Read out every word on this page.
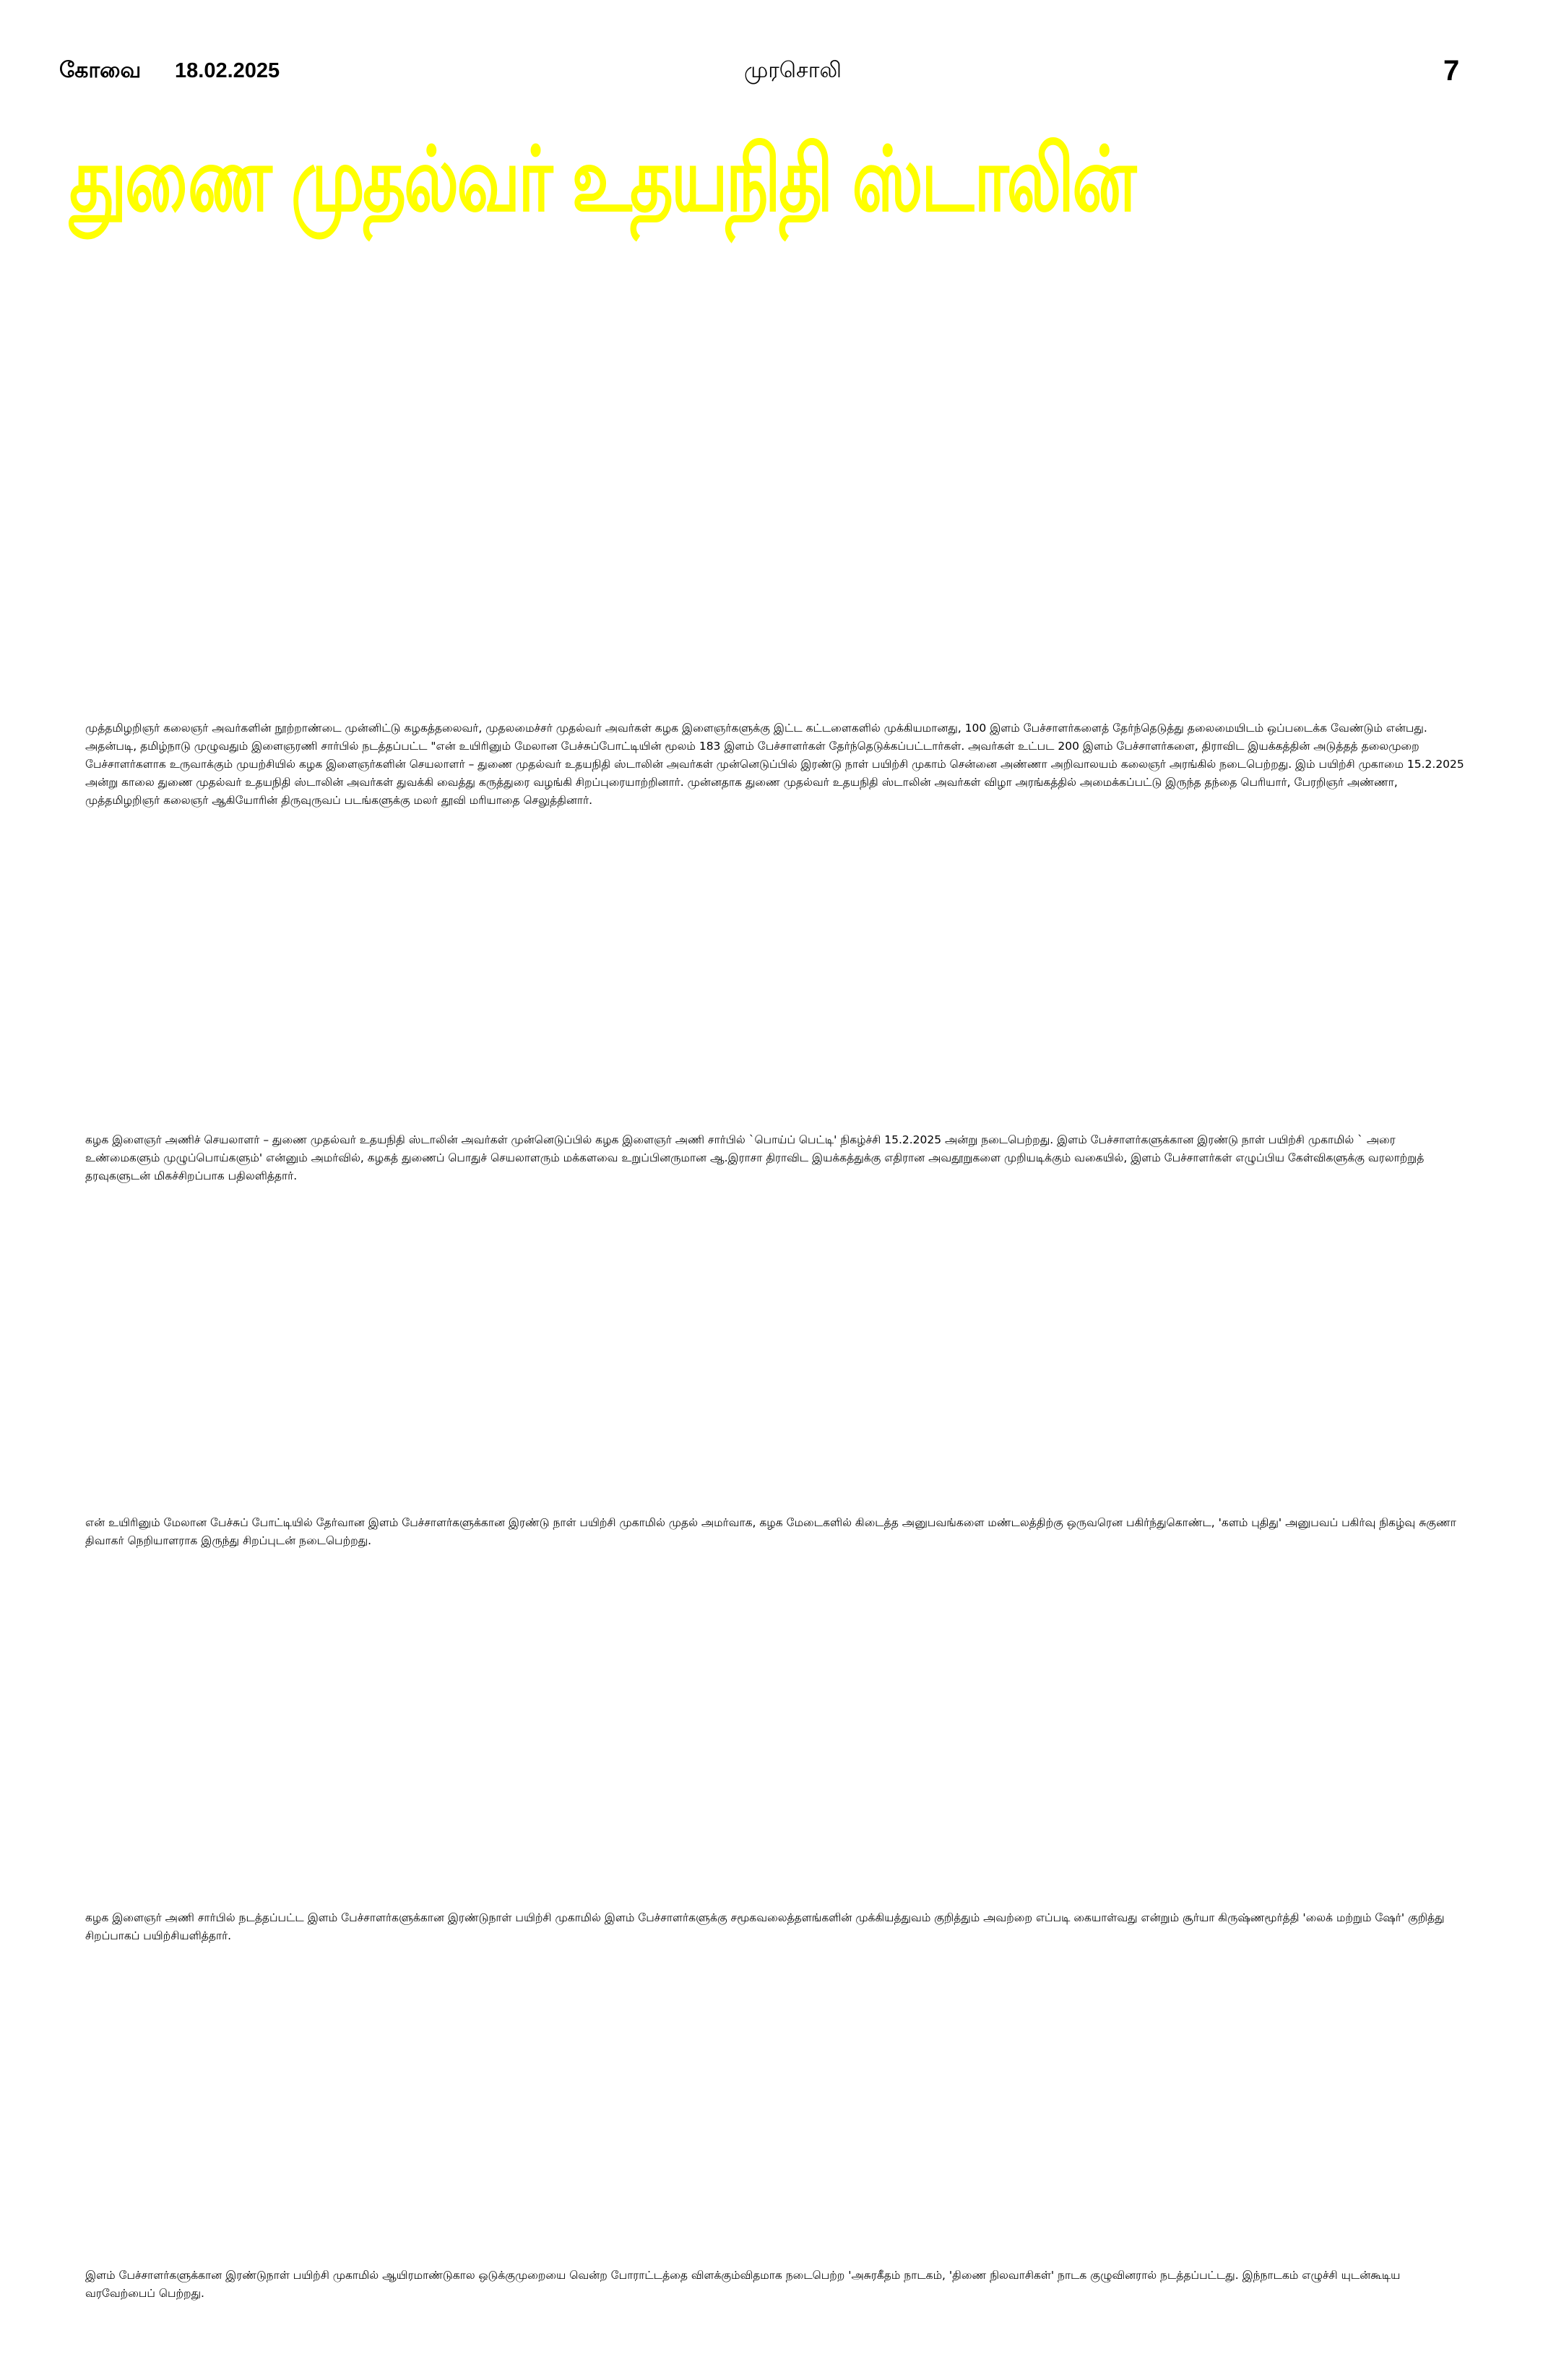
கோவை 18.02.2025	முரசொலி	7
துணை முதல்வர் உதயநிதி ஸ்டாலின்

முத்தமிழறிஞர் கலைஞர் அவர்களின் நூற்றாண்டை முன்னிட்டு கழகத்தலைவர், முதலமைச்சர் முதல்வர் அவர்கள் கழக இளைஞர்களுக்கு இட்ட கட்டளைகளில் முக்கியமானது, 100 இளம் பேச்சாளர்களைத் தேர்ந்தெடுத்து தலைமையிடம் ஒப்படைக்க வேண்டும் என்பது. அதன்படி, தமிழ்நாடு முழுவதும் இளைஞரணி சார்பில் நடத்தப்பட்ட "என் உயிரினும் மேலான பேச்சுப்போட்டியின் மூலம் 183 இளம் பேச்சாளர்கள் தேர்ந்தெடுக்கப்பட்டார்கள். அவர்கள் உட்பட 200 இளம் பேச்சாளர்களை, திராவிட இயக்கத்தின் அடுத்தத் தலைமுறை பேச்சாளர்களாக உருவாக்கும் முயற்சியில் கழக இளைஞர்களின் செயலாளர் – துணை முதல்வர் உதயநிதி ஸ்டாலின் அவர்கள் முன்னெடுப்பில் இரண்டு நாள் பயிற்சி முகாம் சென்னை அண்ணா அறிவாலயம் கலைஞர் அரங்கில் நடைபெற்றது. இம் பயிற்சி முகாமை 15.2.2025 அன்று காலை துணை முதல்வர் உதயநிதி ஸ்டாலின் அவர்கள் துவக்கி வைத்து கருத்துரை வழங்கி சிறப்புரையாற்றினார். முன்னதாக துணை முதல்வர் உதயநிதி ஸ்டாலின் அவர்கள் விழா அரங்கத்தில் அமைக்கப்பட்டு இருந்த தந்தை பெரியார், பேரறிஞர் அண்ணா, முத்தமிழறிஞர் கலைஞர் ஆகியோரின் திருவுருவப் படங்களுக்கு மலர் தூவி மரியாதை செலுத்தினார்.

கழக இளைஞர் அணிச் செயலாளர் – துணை முதல்வர் உதயநிதி ஸ்டாலின் அவர்கள் முன்னெடுப்பில் கழக இளைஞர் அணி சார்பில் `பொய்ப் பெட்டி' நிகழ்ச்சி 15.2.2025 அன்று நடைபெற்றது. இளம் பேச்சாளர்களுக்கான இரண்டு நாள் பயிற்சி முகாமில் ` அரை உண்மைகளும் முழுப்பொய்களும்' என்னும் அமர்வில், கழகத் துணைப் பொதுச் செயலாளரும் மக்களவை உறுப்பினருமான ஆ.இராசா திராவிட இயக்கத்துக்கு எதிரான அவதூறுகளை முறியடிக்கும் வகையில், இளம் பேச்சாளர்கள் எழுப்பிய கேள்விகளுக்கு வரலாற்றுத் தரவுகளுடன் மிகச்சிறப்பாக பதிலளித்தார்.

என் உயிரினும் மேலான பேச்சுப் போட்டியில் தேர்வான இளம் பேச்சாளர்களுக்கான இரண்டு நாள் பயிற்சி முகாமில் முதல் அமர்வாக, கழக மேடைகளில் கிடைத்த அனுபவங்களை மண்டலத்திற்கு ஒருவரென பகிர்ந்துகொண்ட, 'களம் புதிது' அனுபவப் பகிர்வு நிகழ்வு சுகுணா திவாகர் நெறியாளராக இருந்து சிறப்புடன் நடைபெற்றது.

கழக இளைஞர் அணி சார்பில் நடத்தப்பட்ட இளம் பேச்சாளர்களுக்கான இரண்டுநாள் பயிற்சி முகாமில் இளம் பேச்சாளர்களுக்கு சமூகவலைத்தளங்களின் முக்கியத்துவம் குறித்தும் அவற்றை எப்படி கையாள்வது என்றும் சூர்யா கிருஷ்ணமூர்த்தி 'லைக் மற்றும் ஷேர்' குறித்து சிறப்பாகப் பயிற்சியளித்தார்.

இளம் பேச்சாளர்களுக்கான இரண்டுநாள் பயிற்சி முகாமில் ஆயிரமாண்டுகால ஒடுக்குமுறையை வென்ற போராட்டத்தை விளக்கும்விதமாக நடைபெற்ற 'அசுரகீதம் நாடகம், 'திணை நிலவாசிகள்' நாடக குழுவினரால் நடத்தப்பட்டது. இந்நாடகம் எழுச்சி யுடன்கூடிய வரவேற்பைப் பெற்றது.
